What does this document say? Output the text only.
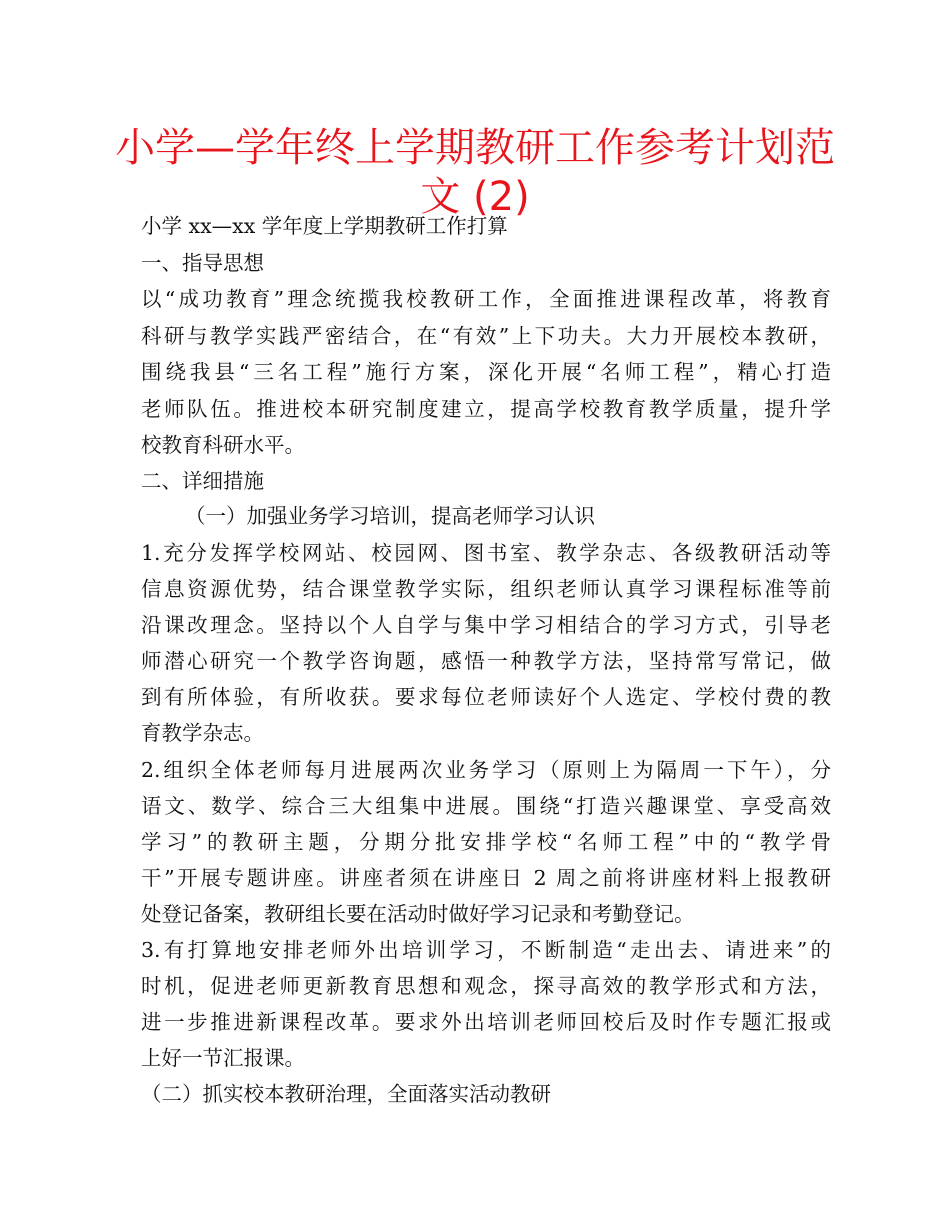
小学—学年终上学期教研工作参考计划范
文 (2)
小学 xx—xx 学年度上学期教研工作打算
一、指导思想
以“成功教育”理念统揽我校教研工作，全面推进课程改革，将教育
科研与教学实践严密结合，在“有效”上下功夫。大力开展校本教研，
围绕我县“三名工程”施行方案，深化开展“名师工程”，精心打造
老师队伍。推进校本研究制度建立，提高学校教育教学质量，提升学
校教育科研水平。
二、详细措施
（一）加强业务学习培训，提高老师学习认识
1.充分发挥学校网站、校园网、图书室、教学杂志、各级教研活动等
信息资源优势，结合课堂教学实际，组织老师认真学习课程标准等前
沿课改理念。坚持以个人自学与集中学习相结合的学习方式，引导老
师潜心研究一个教学咨询题，感悟一种教学方法，坚持常写常记，做
到有所体验，有所收获。要求每位老师读好个人选定、学校付费的教
育教学杂志。
2.组织全体老师每月进展两次业务学习（原则上为隔周一下午），分
语文、数学、综合三大组集中进展。围绕“打造兴趣课堂、享受高效
学习”的教研主题，分期分批安排学校“名师工程”中的“教学骨
干”开展专题讲座。讲座者须在讲座日 2 周之前将讲座材料上报教研
处登记备案，教研组长要在活动时做好学习记录和考勤登记。
3.有打算地安排老师外出培训学习，不断制造“走出去、请进来”的
时机，促进老师更新教育思想和观念，探寻高效的教学形式和方法，
进一步推进新课程改革。要求外出培训老师回校后及时作专题汇报或
上好一节汇报课。
（二）抓实校本教研治理，全面落实活动教研
